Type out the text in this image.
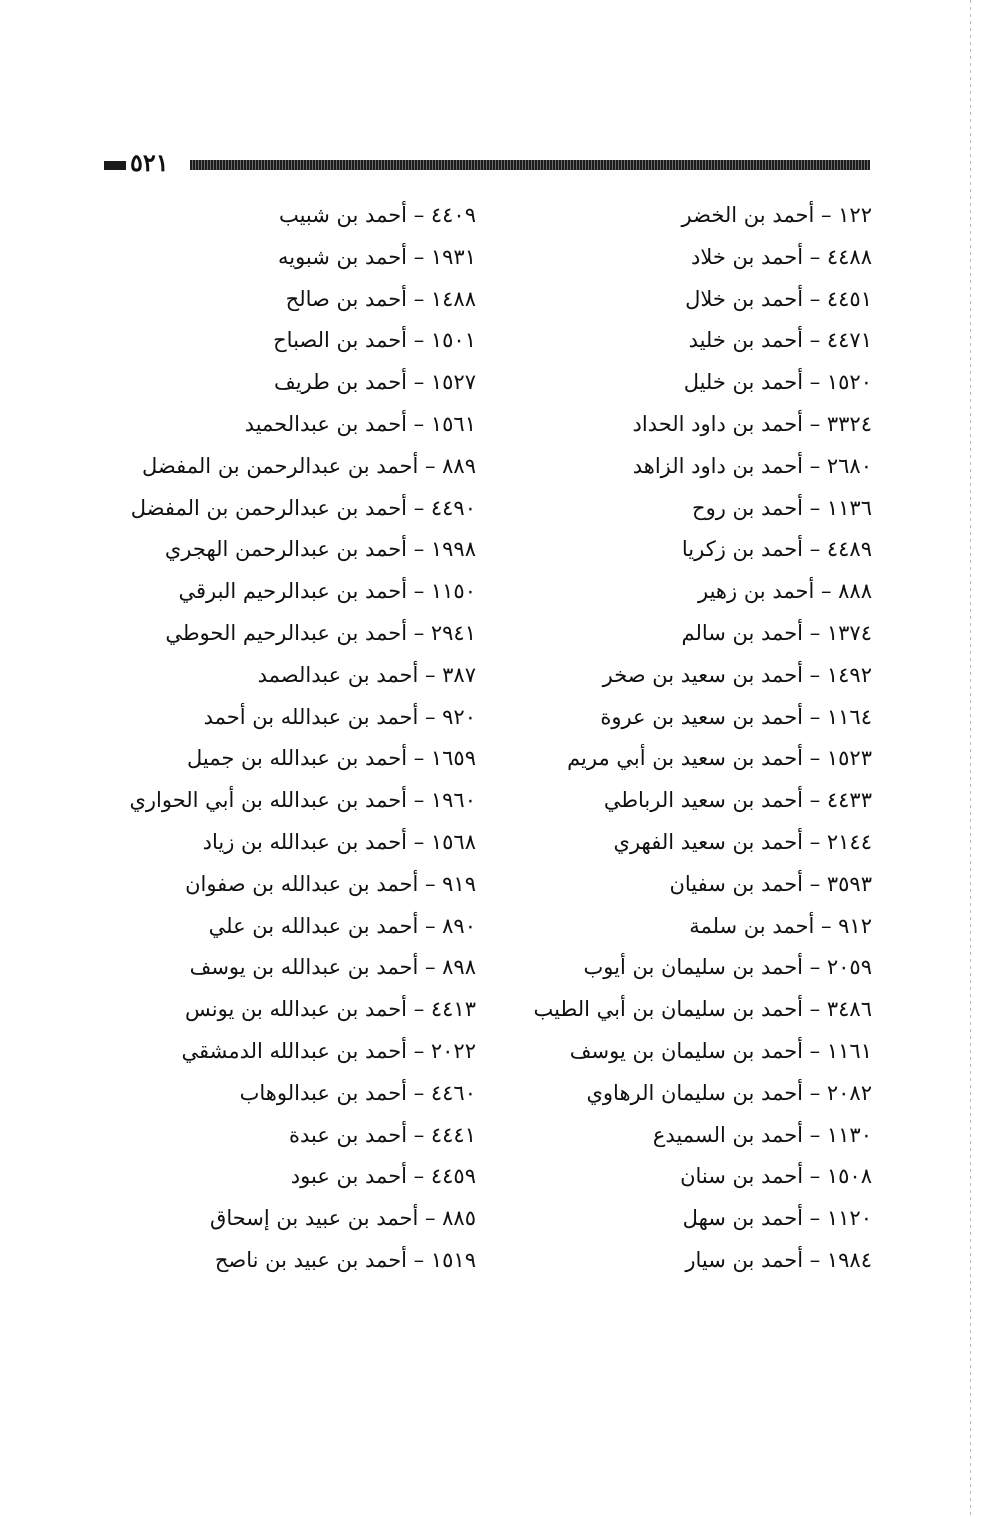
٥٢١
١٢٢ – أحمد بن الخضر
٤٤٨٨ – أحمد بن خلاد
٤٤٥١ – أحمد بن خلال
٤٤٧١ – أحمد بن خليد
١٥٢٠ – أحمد بن خليل
٣٣٢٤ – أحمد بن داود الحداد
٢٦٨٠ – أحمد بن داود الزاهد
١١٣٦ – أحمد بن روح
٤٤٨٩ – أحمد بن زكريا
٨٨٨ – أحمد بن زهير
١٣٧٤ – أحمد بن سالم
١٤٩٢ – أحمد بن سعيد بن صخر
١١٦٤ – أحمد بن سعيد بن عروة
١٥٢٣ – أحمد بن سعيد بن أبي مريم
٤٤٣٣ – أحمد بن سعيد الرباطي
٢١٤٤ – أحمد بن سعيد الفهري
٣٥٩٣ – أحمد بن سفيان
٩١٢ – أحمد بن سلمة
٢٠٥٩ – أحمد بن سليمان بن أيوب
٣٤٨٦ – أحمد بن سليمان بن أبي الطيب
١١٦١ – أحمد بن سليمان بن يوسف
٢٠٨٢ – أحمد بن سليمان الرهاوي
١١٣٠ – أحمد بن السميدع
١٥٠٨ – أحمد بن سنان
١١٢٠ – أحمد بن سهل
١٩٨٤ – أحمد بن سيار
٤٤٠٩ – أحمد بن شبيب
١٩٣١ – أحمد بن شبويه
١٤٨٨ – أحمد بن صالح
١٥٠١ – أحمد بن الصباح
١٥٢٧ – أحمد بن طريف
١٥٦١ – أحمد بن عبدالحميد
٨٨٩ – أحمد بن عبدالرحمن بن المفضل
٤٤٩٠ – أحمد بن عبدالرحمن بن المفضل
١٩٩٨ – أحمد بن عبدالرحمن الهجري
١١٥٠ – أحمد بن عبدالرحيم البرقي
٢٩٤١ – أحمد بن عبدالرحيم الحوطي
٣٨٧ – أحمد بن عبدالصمد
٩٢٠ – أحمد بن عبدالله بن أحمد
١٦٥٩ – أحمد بن عبدالله بن جميل
١٩٦٠ – أحمد بن عبدالله بن أبي الحواري
١٥٦٨ – أحمد بن عبدالله بن زياد
٩١٩ – أحمد بن عبدالله بن صفوان
٨٩٠ – أحمد بن عبدالله بن علي
٨٩٨ – أحمد بن عبدالله بن يوسف
٤٤١٣ – أحمد بن عبدالله بن يونس
٢٠٢٢ – أحمد بن عبدالله الدمشقي
٤٤٦٠ – أحمد بن عبدالوهاب
٤٤٤١ – أحمد بن عبدة
٤٤٥٩ – أحمد بن عبود
٨٨٥ – أحمد بن عبيد بن إسحاق
١٥١٩ – أحمد بن عبيد بن ناصح
